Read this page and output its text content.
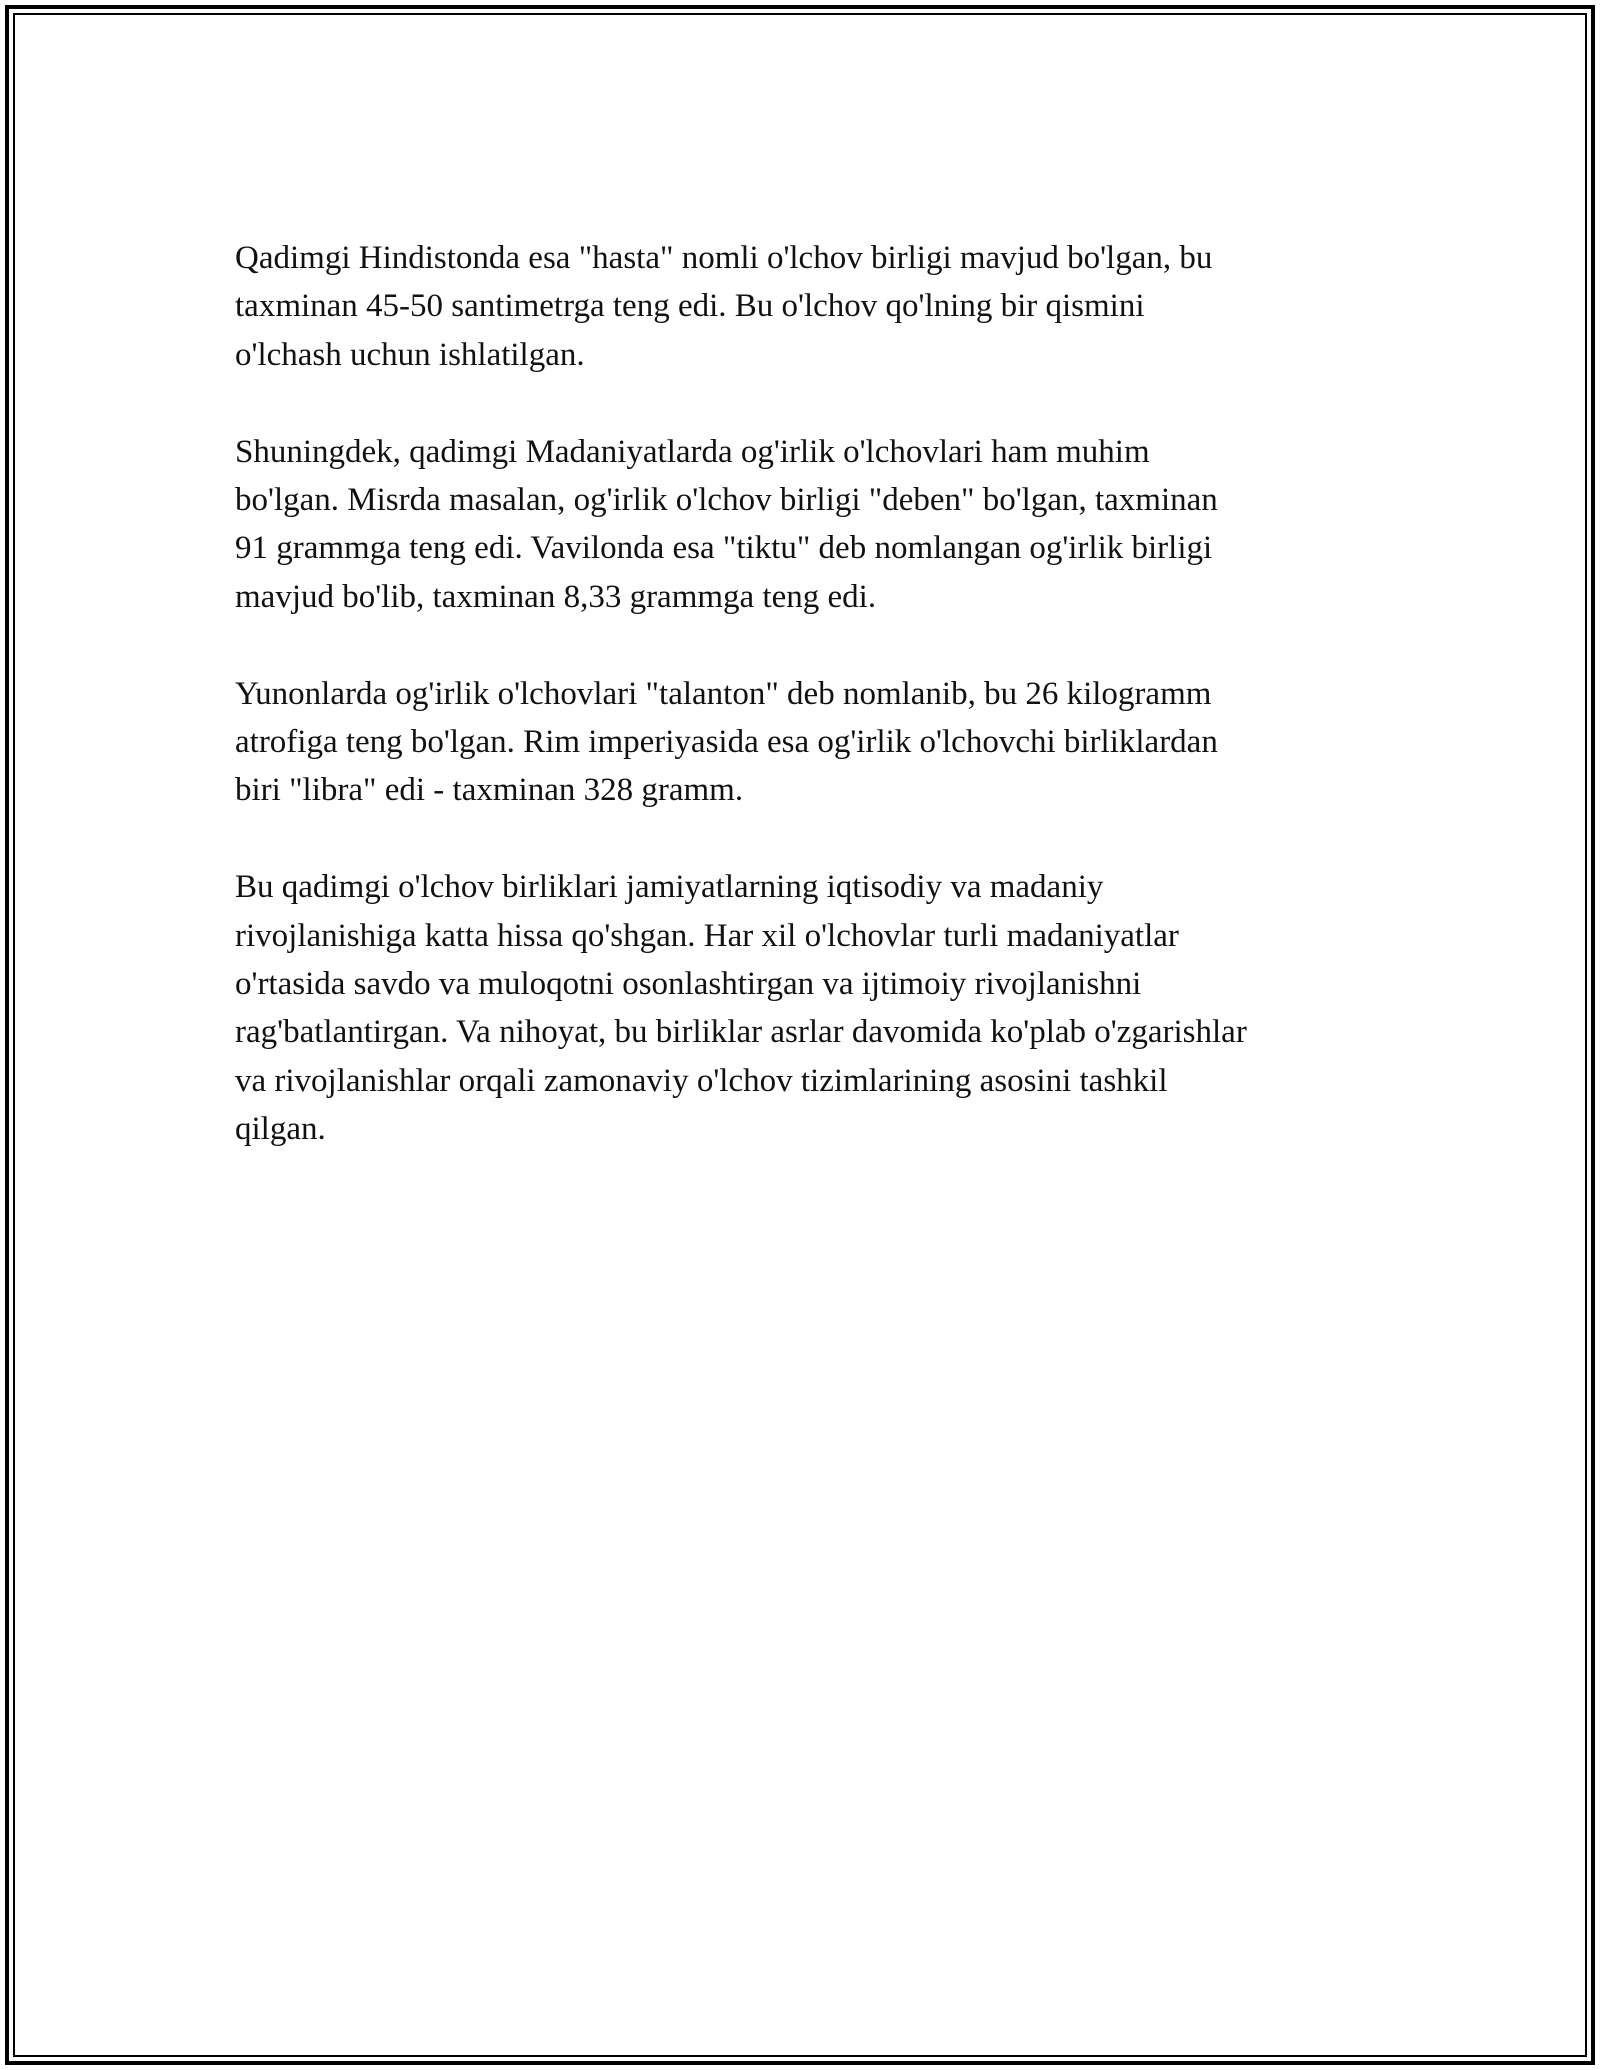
Qadimgi Hindistonda esa "hasta" nomli o'lchov birligi mavjud bo'lgan, bu
taxminan 45-50 santimetrga teng edi. Bu o'lchov qo'lning bir qismini
o'lchash uchun ishlatilgan.

Shuningdek, qadimgi Madaniyatlarda og'irlik o'lchovlari ham muhim
bo'lgan. Misrda masalan, og'irlik o'lchov birligi "deben" bo'lgan, taxminan
91 grammga teng edi. Vavilonda esa "tiktu" deb nomlangan og'irlik birligi
mavjud bo'lib, taxminan 8,33 grammga teng edi.

Yunonlarda og'irlik o'lchovlari "talanton" deb nomlanib, bu 26 kilogramm
atrofiga teng bo'lgan. Rim imperiyasida esa og'irlik o'lchovchi birliklardan
biri "libra" edi - taxminan 328 gramm.

Bu qadimgi o'lchov birliklari jamiyatlarning iqtisodiy va madaniy
rivojlanishiga katta hissa qo'shgan. Har xil o'lchovlar turli madaniyatlar
o'rtasida savdo va muloqotni osonlashtirgan va ijtimoiy rivojlanishni
rag'batlantirgan. Va nihoyat, bu birliklar asrlar davomida ko'plab o'zgarishlar
va rivojlanishlar orqali zamonaviy o'lchov tizimlarining asosini tashkil
qilgan.
